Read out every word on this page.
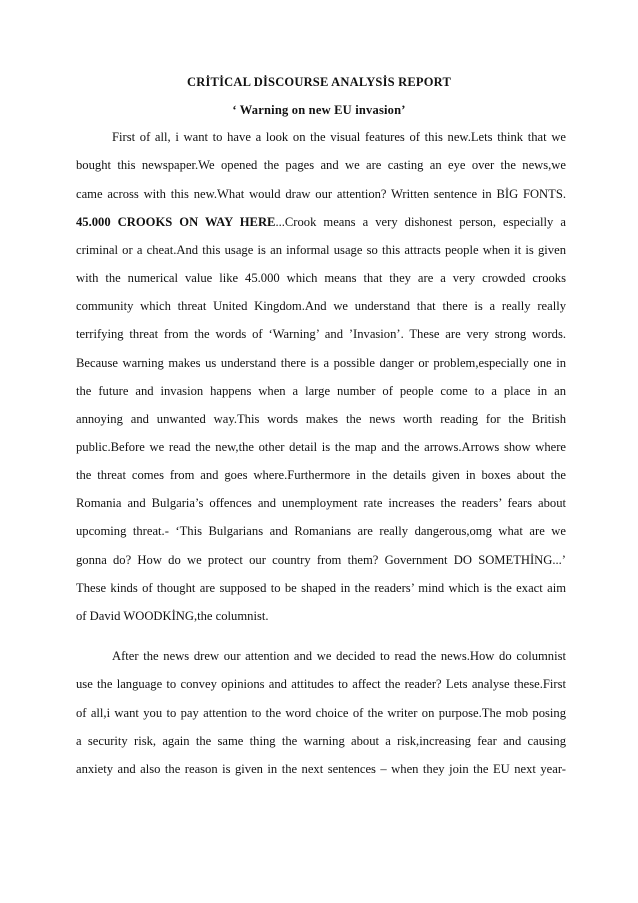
CRİTİCAL DİSCOURSE ANALYSİS REPORT
‘ Warning on new EU invasion’
First of all, i want to have a look on the visual features of this new.Lets think that we
bought this newspaper.We opened the pages and we are casting an eye over the news,we
came across with this new.What would draw our attention? Written sentence in BİG FONTS.
45.000 CROOKS ON WAY HERE...Crook means a very dishonest person, especially a
criminal or a cheat.And this usage is an informal usage so this attracts people when it is given
with the numerical value like 45.000 which means that they are a very crowded crooks
community which threat United Kingdom.And we understand that there is a really really
terrifying threat from the words of ‘Warning’ and ’Invasion’. These are very strong words.
Because warning makes us understand there is a possible danger or problem,especially one in
the future and invasion happens when a large number of people come to a place in an
annoying and unwanted way.This words makes the news worth reading for the British
public.Before we read the new,the other detail is the map and the arrows.Arrows show where
the threat comes from and goes where.Furthermore in the details given in boxes about the
Romania and Bulgaria’s offences and unemployment rate increases the readers’ fears about
upcoming threat.- ‘This Bulgarians and Romanians are really dangerous,omg what are we
gonna do? How do we protect our country from them? Government DO SOMETHİNG...’
These kinds of thought are supposed to be shaped in the readers’ mind which is the exact aim
of David WOODKİNG,the columnist.
After the news drew our attention and we decided to read the news.How do columnist
use the language to convey opinions and attitudes to affect the reader? Lets analyse these.First
of all,i want you to pay attention to the word choice of the writer on purpose.The mob posing
a security risk, again the same thing the warning about a risk,increasing fear and causing
anxiety and also the reason is given in the next sentences – when they join the EU next year-
